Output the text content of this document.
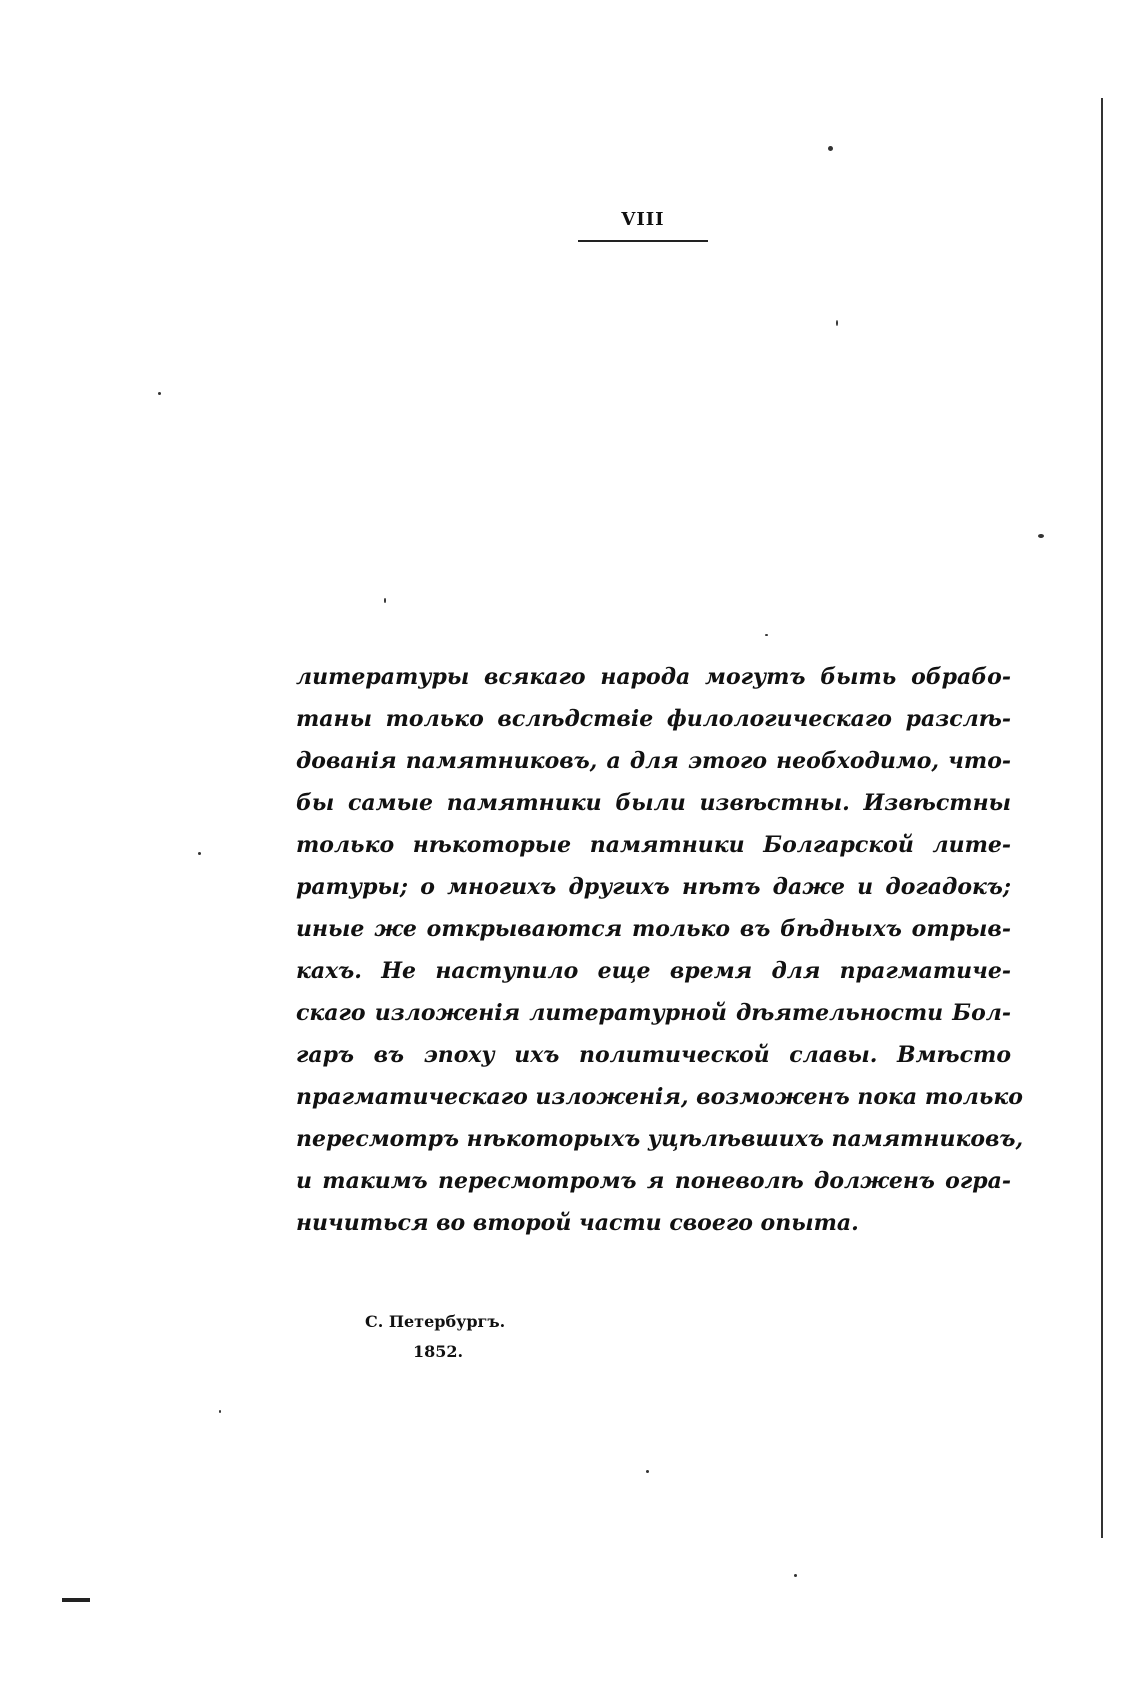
VIII
литературы всякаго народа могутъ быть обрабо-
таны только вслѣдствіе филологическаго разслѣ-
дованія памятниковъ, а для этого необходимо, что-
бы самые памятники были извѣстны. Извѣстны
только нѣкоторые памятники Болгарской лите-
ратуры; о многихъ другихъ нѣтъ даже и догадокъ;
иные же открываются только въ бѣдныхъ отрыв-
кахъ. Не наступило еще время для прагматиче-
скаго изложенія литературной дѣятельности Бол-
гаръ въ эпоху ихъ политической славы. Вмѣсто
прагматическаго изложенія, возможенъ пока только
пересмотръ нѣкоторыхъ уцѣлѣвшихъ памятниковъ,
и такимъ пересмотромъ я поневолѣ долженъ огра-
ничиться во второй части своего опыта.
С. Петербургъ.
1852.
